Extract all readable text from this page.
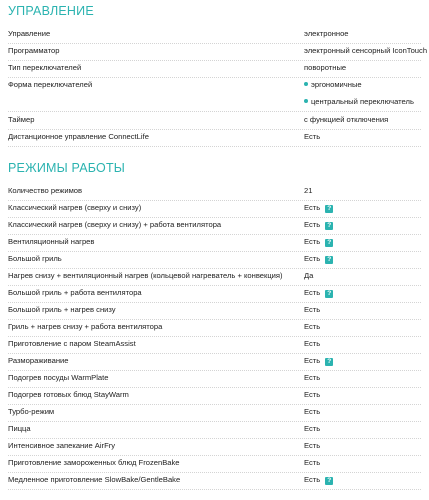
УПРАВЛЕНИЕ
Управление	электронное
Программатор	электронный сенсорный IconTouch
Тип переключателей	поворотные
Форма переключателей	эргономичные
центральный переключатель
Таймер	с функцией отключения
Дистанционное управление ConnectLife	Есть
РЕЖИМЫ РАБОТЫ
Количество режимов	21
Классический нагрев (сверху и снизу)	Есть ?
Классический нагрев (сверху и снизу) + работа вентилятора	Есть ?
Вентиляционный нагрев	Есть ?
Большой гриль	Есть ?
Нагрев снизу + вентиляционный нагрев (кольцевой нагреватель + конвекция)	Да
Большой гриль + работа вентилятора	Есть ?
Большой гриль + нагрев снизу	Есть
Гриль + нагрев снизу + работа вентилятора	Есть
Приготовление с паром SteamAssist	Есть
Размораживание	Есть ?
Подогрев посуды WarmPlate	Есть
Подогрев готовых блюд StayWarm	Есть
Турбо-режим	Есть
Пицца	Есть
Интенсивное запекание AirFry	Есть
Приготовление замороженных блюд FrozenBake	Есть
Медленное приготовление SlowBake/GentleBake	Есть ?
